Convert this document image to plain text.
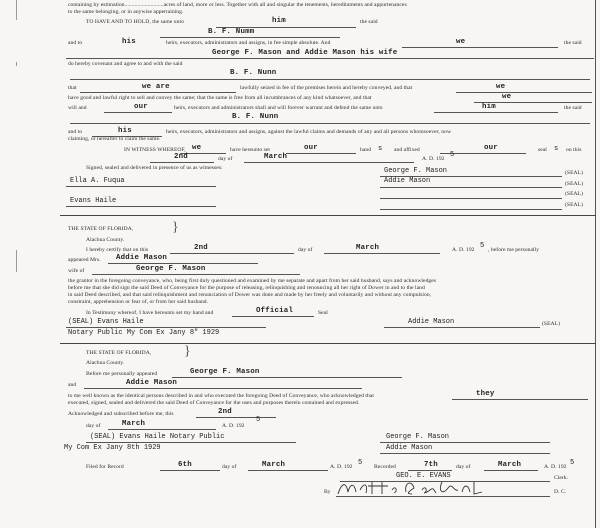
containing by estimation...........................acres of land, more or less. Together with all and singular the tenements, hereditaments and appurtenances
to the same belonging, or in anywise appertaining.
TO HAVE AND TO HOLD, the same unto	him	the said
B. F. Numm
and to	his	heirs, executors, administrators and assigns, in fee simple absolute. And	we	the said
George F. Mason and Addie Mason his wife
do hereby covenant and agree to and with the said
B. F. Nunn
that	we are	lawfully seized in fee of the premises herein and hereby conveyed, and that	we
have good and lawful right to sell and convey the same; that the same is free from all incumbrances of any kind whatsoever, and that	we
will and	our	heirs, executors and administrators shall and will forever warrant and defend the same unto	him	the said
B. F. Nunn
and to	his	heirs, executors, administrators and assigns, against the lawful claims and demands of any and all persons whomsoever, now
claiming, or hereafter to claim the same.
IN WITNESS WHEREOF, we	have hereunto set	our	hand s and affixed	our	seal s on this
2nd	day of	March	A. D. 192 5
Signed, sealed and delivered in presence of us as witnesses:
Ella A. Fuqua
Evans Haile
George F. Mason	(SEAL)
Addie Mason	(SEAL)
(SEAL)
(SEAL)
THE STATE OF FLORIDA,	}
Alachua County.
I hereby certify that on this	2nd	day of	March	A. D. 192 5 , before me personally
appeared Mrs. Addie Mason
wife of	George F. Mason
the grantor in the foregoing conveyance, who, being first duly questioned and examined by me separate and apart from her said husband, says and acknowledges
before me that she did sign the said Deed of Conveyance for the purpose of releasing, relinquishing and renouncing all her right of Dower in and to the land
in said Deed described, and that said relinquishment and renunciation of Dower was done and made by her freely and voluntarily and without any compulsion,
constraint, apprehension or fear of, or from her said husband.
In Testimony whereof, I have hereunto set my hand and	Official	Seal
(SEAL) Evans Haile
Notary Public My Com Ex Jany 8" 1929
Addie Mason	(SEAL)
THE STATE OF FLORIDA, }
Alachua County.
Before me personally appeared	George F. Mason
and	Addie Mason
to me well known as the identical persons described in and who executed the foregoing Deed of Conveyance, who acknowledged that	they
executed, signed, sealed and delivered the said Deed of Conveyance for the uses and purposes therein contained and expressed.
Acknowledged and subscribed before me, this	2nd
day of	March	A. D. 192
5
(SEAL) Evans Haile Notary Public
My Com Ex Jany 8th 1929
George F. Mason
Addie Mason
Filed for Record	6th	day of	March	A. D. 192 5 Recorded	7th	day of	March	A. D. 192 5
GEO. E. EVANS	Clerk.
By	D. C.
